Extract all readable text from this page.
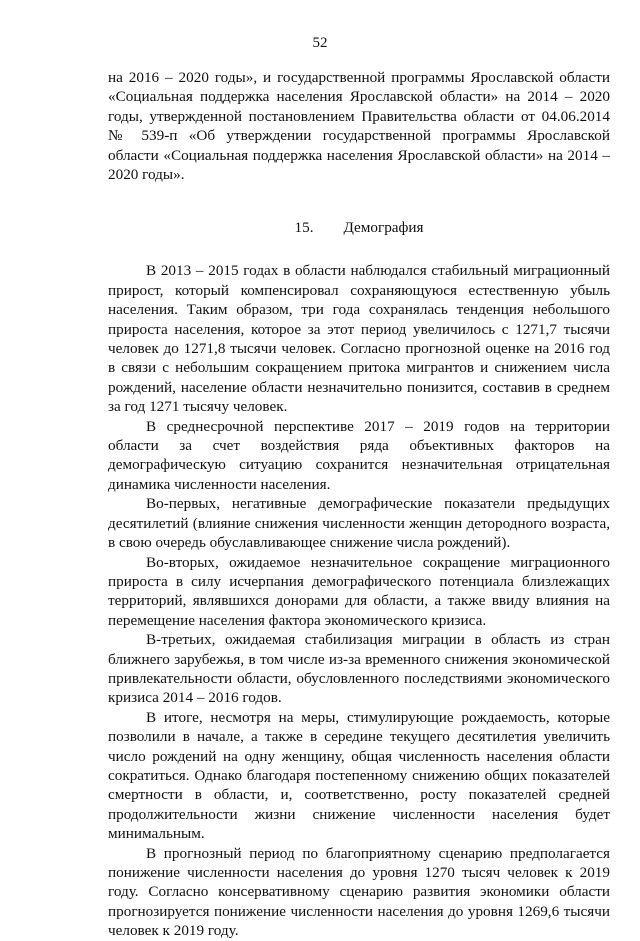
52

на 2016 – 2020 годы», и государственной программы Ярославской области «Социальная поддержка населения Ярославской области» на 2014 – 2020 годы, утвержденной постановлением Правительства области от 04.06.2014 № 539-п «Об утверждении государственной программы Ярославской области «Социальная поддержка населения Ярославской области» на 2014 – 2020 годы».

15. Демография

В 2013 – 2015 годах в области наблюдался стабильный миграционный прирост, который компенсировал сохраняющуюся естественную убыль населения. Таким образом, три года сохранялась тенденция небольшого прироста населения, которое за этот период увеличилось с 1271,7 тысячи человек до 1271,8 тысячи человек. Согласно прогнозной оценке на 2016 год в связи с небольшим сокращением притока мигрантов и снижением числа рождений, население области незначительно понизится, составив в среднем за год 1271 тысячу человек.

В среднесрочной перспективе 2017 – 2019 годов на территории области за счет воздействия ряда объективных факторов на демографическую ситуацию сохранится незначительная отрицательная динамика численности населения.

Во-первых, негативные демографические показатели предыдущих десятилетий (влияние снижения численности женщин детородного возраста, в свою очередь обуславливающее снижение числа рождений).

Во-вторых, ожидаемое незначительное сокращение миграционного прироста в силу исчерпания демографического потенциала близлежащих территорий, являвшихся донорами для области, а также ввиду влияния на перемещение населения фактора экономического кризиса.

В-третьих, ожидаемая стабилизация миграции в область из стран ближнего зарубежья, в том числе из-за временного снижения экономической привлекательности области, обусловленного последствиями экономического кризиса 2014 – 2016 годов.

В итоге, несмотря на меры, стимулирующие рождаемость, которые позволили в начале, а также в середине текущего десятилетия увеличить число рождений на одну женщину, общая численность населения области сократиться. Однако благодаря постепенному снижению общих показателей смертности в области, и, соответственно, росту показателей средней продолжительности жизни снижение численности населения будет минимальным.

В прогнозный период по благоприятному сценарию предполагается понижение численности населения до уровня 1270 тысяч человек к 2019 году. Согласно консервативному сценарию развития экономики области прогнозируется понижение численности населения до уровня 1269,6 тысячи человек к 2019 году.
